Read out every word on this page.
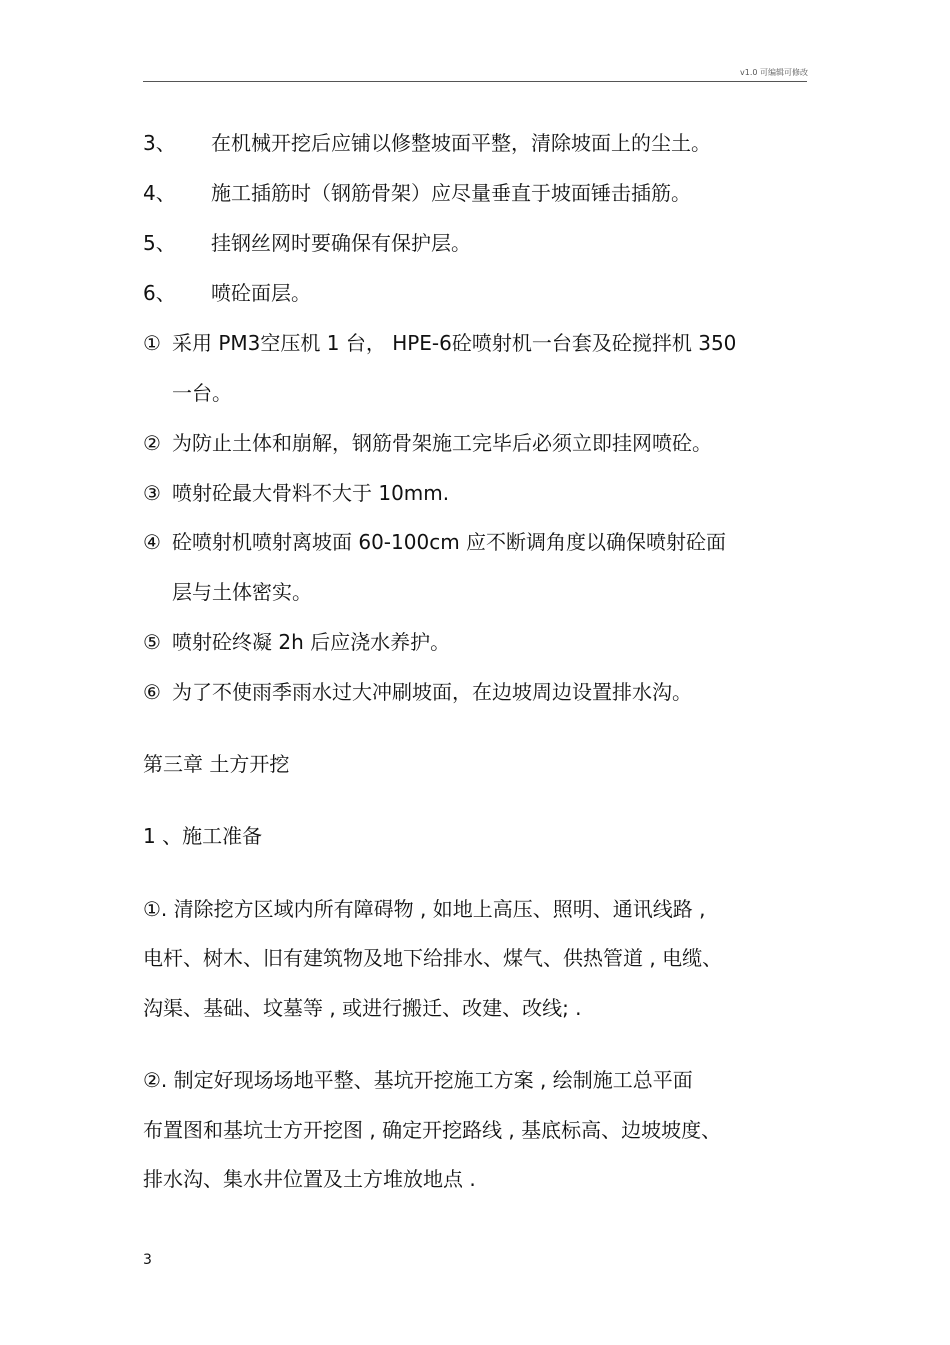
v1.0 可编辑可修改
3、 在机械开挖后应铺以修整坡面平整，清除坡面上的尘土。
4、 施工插筋时（钢筋骨架）应尽量垂直于坡面锤击插筋。
5、 挂钢丝网时要确保有保护层。
6、 喷砼面层。
① 采用 PM3空压机 1 台， HPE-6砼喷射机一台套及砼搅拌机 350
一台。
② 为防止土体和崩解，钢筋骨架施工完毕后必须立即挂网喷砼。
③ 喷射砼最大骨料不大于 10mm.
④ 砼喷射机喷射离坡面 60-100cm 应不断调角度以确保喷射砼面
层与土体密实。
⑤ 喷射砼终凝 2h 后应浇水养护。
⑥ 为了不使雨季雨水过大冲刷坡面，在边坡周边设置排水沟。
第三章 土方开挖
1 、施工准备
①. 清除挖方区域内所有障碍物 , 如地上高压、照明、通讯线路 ,
电杆、树木、旧有建筑物及地下给排水、煤气、供热管道 , 电缆、
沟渠、基础、坟墓等 , 或进行搬迁、改建、改线; .
②. 制定好现场场地平整、基坑开挖施工方案 , 绘制施工总平面
布置图和基坑士方开挖图 , 确定开挖路线 , 基底标高、边坡坡度、
排水沟、集水井位置及土方堆放地点 .
3
